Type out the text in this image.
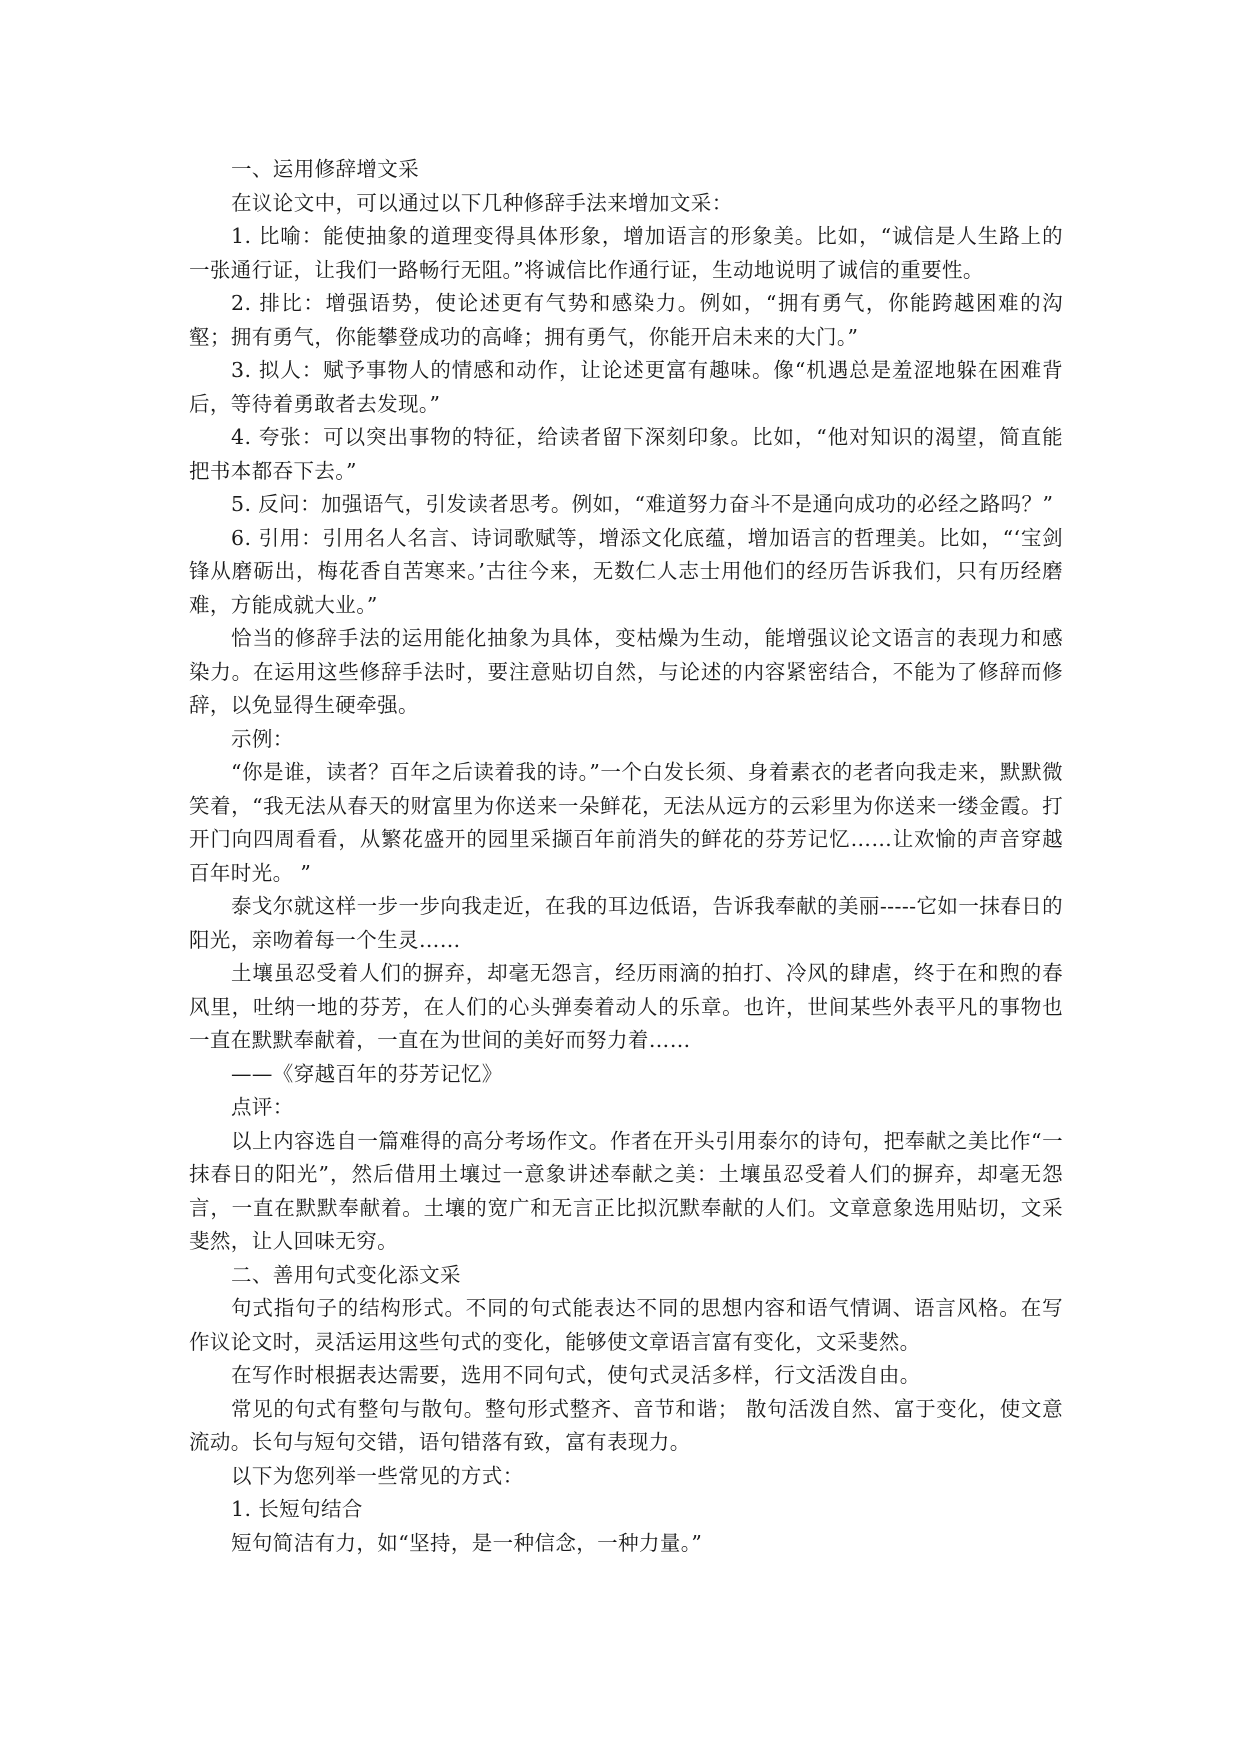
一、运用修辞增文采

在议论文中，可以通过以下几种修辞手法来增加文采：

1. 比喻：能使抽象的道理变得具体形象，增加语言的形象美。比如，“诚信是人生路上的一张通行证，让我们一路畅行无阻。”将诚信比作通行证，生动地说明了诚信的重要性。

2. 排比：增强语势，使论述更有气势和感染力。例如，“拥有勇气，你能跨越困难的沟壑；拥有勇气，你能攀登成功的高峰；拥有勇气，你能开启未来的大门。”

3. 拟人：赋予事物人的情感和动作，让论述更富有趣味。像“机遇总是羞涩地躲在困难背后，等待着勇敢者去发现。”

4. 夸张：可以突出事物的特征，给读者留下深刻印象。比如，“他对知识的渴望，简直能把书本都吞下去。”

5. 反问：加强语气，引发读者思考。例如，“难道努力奋斗不是通向成功的必经之路吗？”

6. 引用：引用名人名言、诗词歌赋等，增添文化底蕴，增加语言的哲理美。比如，“‘宝剑锋从磨砺出，梅花香自苦寒来。’古往今来，无数仁人志士用他们的经历告诉我们，只有历经磨难，方能成就大业。”

恰当的修辞手法的运用能化抽象为具体，变枯燥为生动，能增强议论文语言的表现力和感染力。在运用这些修辞手法时，要注意贴切自然，与论述的内容紧密结合，不能为了修辞而修辞，以免显得生硬牵强。

示例：

“你是谁，读者？百年之后读着我的诗。”一个白发长须、身着素衣的老者向我走来，默默微笑着，“我无法从春天的财富里为你送来一朵鲜花，无法从远方的云彩里为你送来一缕金霞。打开门向四周看看，从繁花盛开的园里采撷百年前消失的鲜花的芬芳记忆……让欢愉的声音穿越百年时光。 ”

泰戈尔就这样一步一步向我走近，在我的耳边低语，告诉我奉献的美丽-----它如一抹春日的阳光，亲吻着每一个生灵……

土壤虽忍受着人们的摒弃，却毫无怨言，经历雨滴的拍打、冷风的肆虐，终于在和煦的春风里，吐纳一地的芬芳，在人们的心头弹奏着动人的乐章。也许，世间某些外表平凡的事物也一直在默默奉献着，一直在为世间的美好而努力着……

——《穿越百年的芬芳记忆》

点评：

以上内容选自一篇难得的高分考场作文。作者在开头引用泰尔的诗句，把奉献之美比作“一抹春日的阳光”，然后借用土壤过一意象讲述奉献之美：土壤虽忍受着人们的摒弃，却毫无怨言，一直在默默奉献着。土壤的宽广和无言正比拟沉默奉献的人们。文章意象选用贴切，文采斐然，让人回味无穷。

二、善用句式变化添文采

句式指句子的结构形式。不同的句式能表达不同的思想内容和语气情调、语言风格。在写作议论文时，灵活运用这些句式的变化，能够使文章语言富有变化，文采斐然。

在写作时根据表达需要，选用不同句式，使句式灵活多样，行文活泼自由。

常见的句式有整句与散句。整句形式整齐、音节和谐； 散句活泼自然、富于变化，使文意流动。长句与短句交错，语句错落有致，富有表现力。

以下为您列举一些常见的方式：

1. 长短句结合

短句简洁有力，如“坚持，是一种信念，一种力量。”
